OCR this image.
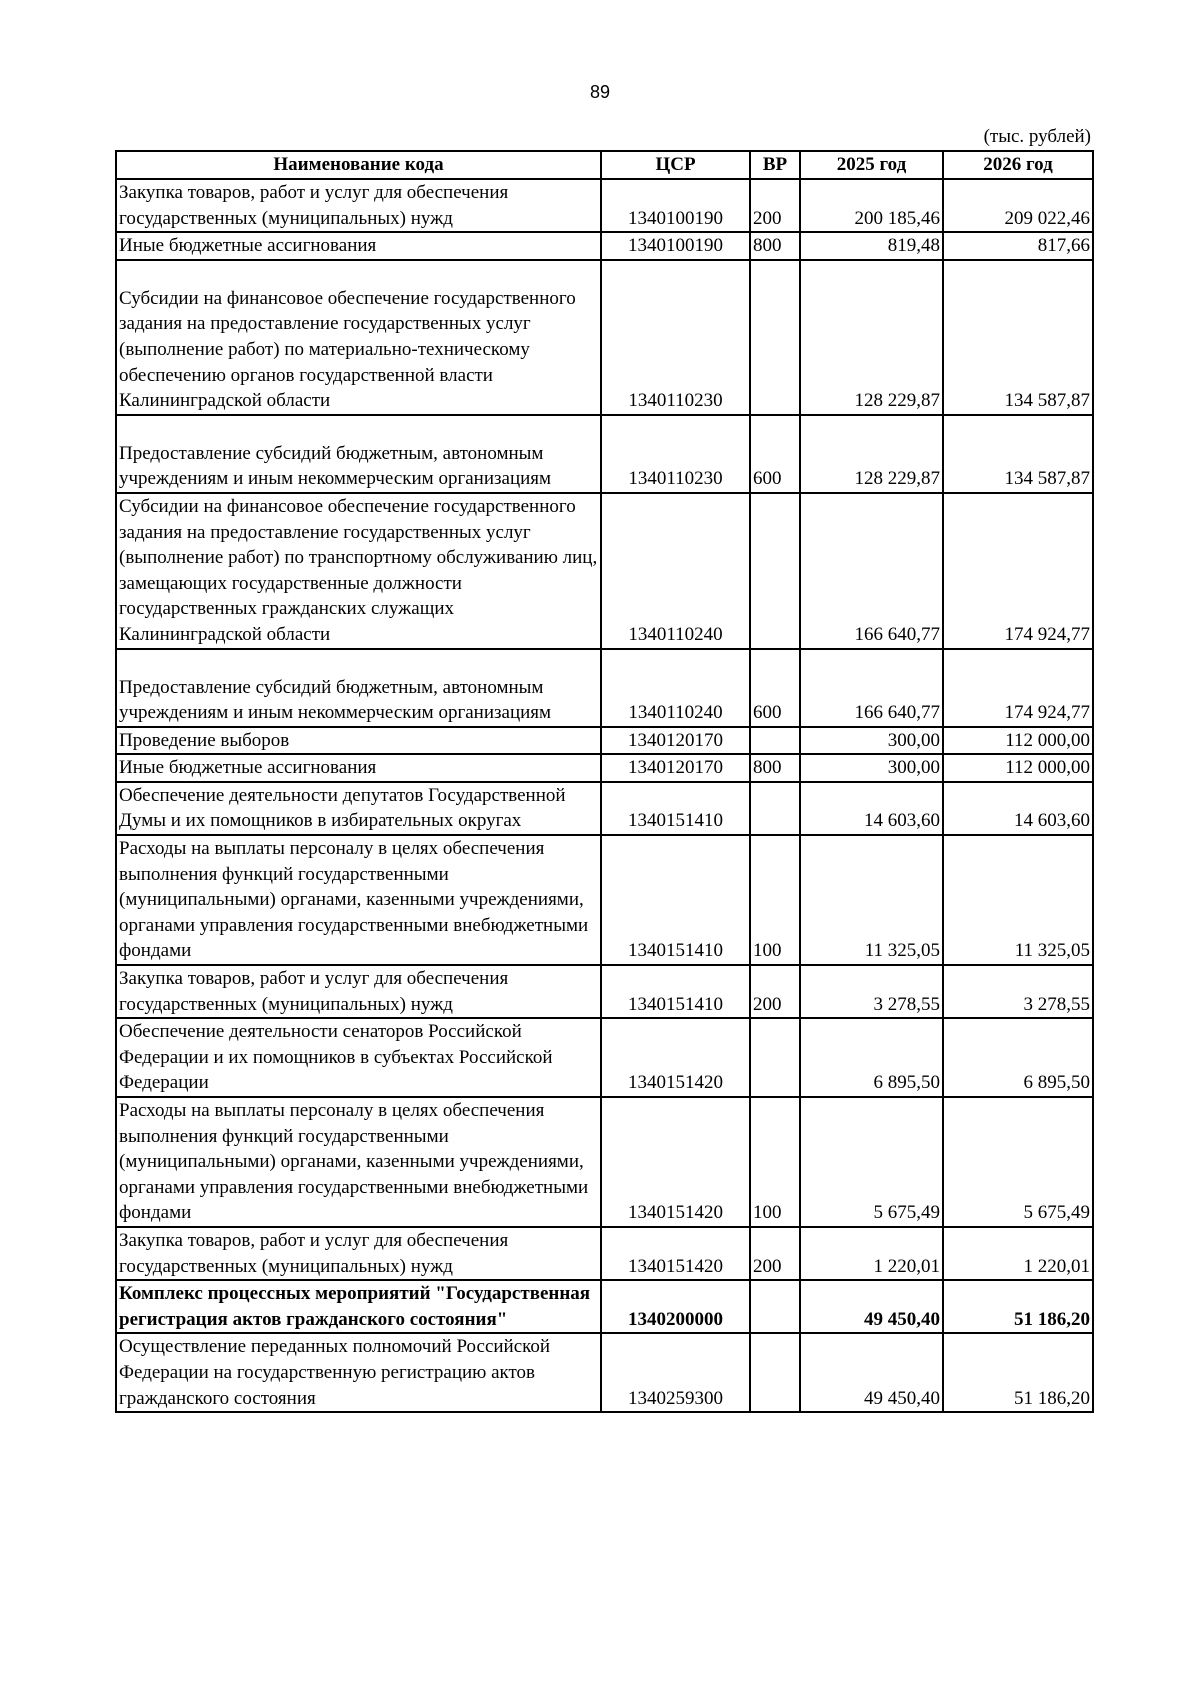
89
(тыс. рублей)
Наименование кода	ЦСР	ВР	2025 год	2026 год
Закупка товаров, работ и услуг для обеспечения государственных (муниципальных) нужд	1340100190	200	200 185,46	209 022,46
Иные бюджетные ассигнования	1340100190	800	819,48	817,66
Субсидии на финансовое обеспечение государственного задания на предоставление государственных услуг (выполнение работ) по материально-техническому обеспечению органов государственной власти Калининградской области	1340110230		128 229,87	134 587,87
Предоставление субсидий бюджетным, автономным учреждениям и иным некоммерческим организациям	1340110230	600	128 229,87	134 587,87
Субсидии на финансовое обеспечение государственного задания на предоставление государственных услуг (выполнение работ) по транспортному обслуживанию лиц, замещающих государственные должности государственных гражданских служащих Калининградской области	1340110240		166 640,77	174 924,77
Предоставление субсидий бюджетным, автономным учреждениям и иным некоммерческим организациям	1340110240	600	166 640,77	174 924,77
Проведение выборов	1340120170		300,00	112 000,00
Иные бюджетные ассигнования	1340120170	800	300,00	112 000,00
Обеспечение деятельности депутатов Государственной Думы и их помощников в избирательных округах	1340151410		14 603,60	14 603,60
Расходы на выплаты персоналу в целях обеспечения выполнения функций государственными (муниципальными) органами, казенными учреждениями, органами управления государственными внебюджетными фондами	1340151410	100	11 325,05	11 325,05
Закупка товаров, работ и услуг для обеспечения государственных (муниципальных) нужд	1340151410	200	3 278,55	3 278,55
Обеспечение деятельности сенаторов Российской Федерации и их помощников в субъектах Российской Федерации	1340151420		6 895,50	6 895,50
Расходы на выплаты персоналу в целях обеспечения выполнения функций государственными (муниципальными) органами, казенными учреждениями, органами управления государственными внебюджетными фондами	1340151420	100	5 675,49	5 675,49
Закупка товаров, работ и услуг для обеспечения государственных (муниципальных) нужд	1340151420	200	1 220,01	1 220,01
Комплекс процессных мероприятий "Государственная регистрация актов гражданского состояния"	1340200000		49 450,40	51 186,20
Осуществление переданных полномочий Российской Федерации на государственную регистрацию актов гражданского состояния	1340259300		49 450,40	51 186,20
